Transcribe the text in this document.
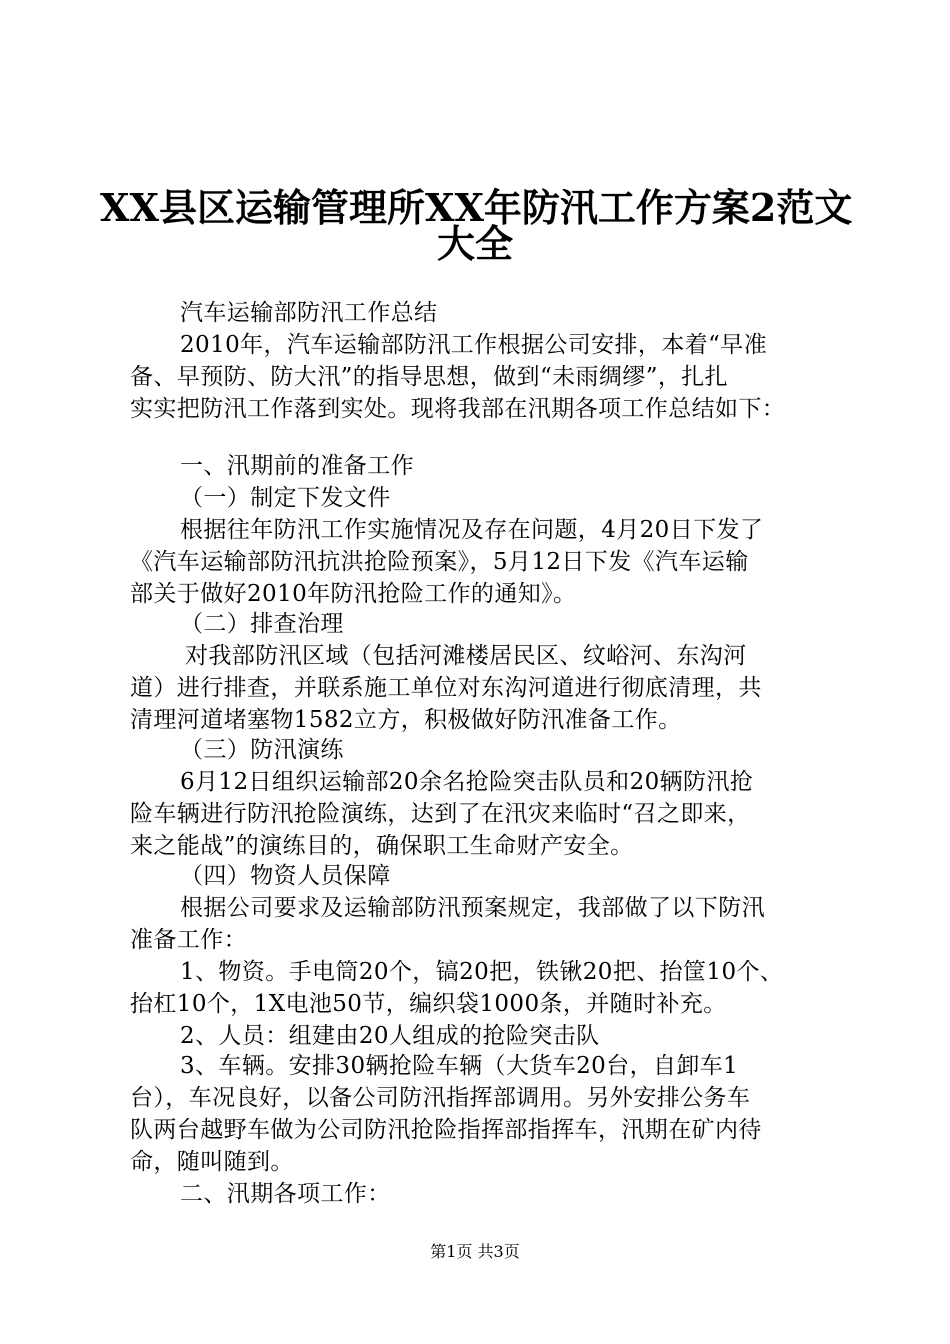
XX县区运输管理所XX年防汛工作方案2范文
大全

汽车运输部防汛工作总结

2010年，汽车运输部防汛工作根据公司安排，本着“早准

备、早预防、防大汛”的指导思想，做到“未雨绸缪”，扎扎

实实把防汛工作落到实处。现将我部在汛期各项工作总结如下：

一、汛期前的准备工作

（一）制定下发文件

根据往年防汛工作实施情况及存在问题，4月20日下发了

《汽车运输部防汛抗洪抢险预案》，5月12日下发《汽车运输

部关于做好2010年防汛抢险工作的通知》。

（二）排查治理

对我部防汛区域（包括河滩楼居民区、纹峪河、东沟河

道）进行排查，并联系施工单位对东沟河道进行彻底清理，共

清理河道堵塞物1582立方，积极做好防汛准备工作。

（三）防汛演练

6月12日组织运输部20余名抢险突击队员和20辆防汛抢

险车辆进行防汛抢险演练，达到了在汛灾来临时“召之即来，

来之能战”的演练目的，确保职工生命财产安全。

（四）物资人员保障

根据公司要求及运输部防汛预案规定，我部做了以下防汛

准备工作：

1、物资。手电筒20个，镐20把，铁锹20把、抬筐10个、

抬杠10个，1X电池50节，编织袋1000条，并随时补充。

2、人员：组建由20人组成的抢险突击队

3、车辆。安排30辆抢险车辆（大货车20台，自卸车1

台），车况良好，以备公司防汛指挥部调用。另外安排公务车

队两台越野车做为公司防汛抢险指挥部指挥车，汛期在矿内待

命，随叫随到。

二、汛期各项工作：

第1页 共3页
